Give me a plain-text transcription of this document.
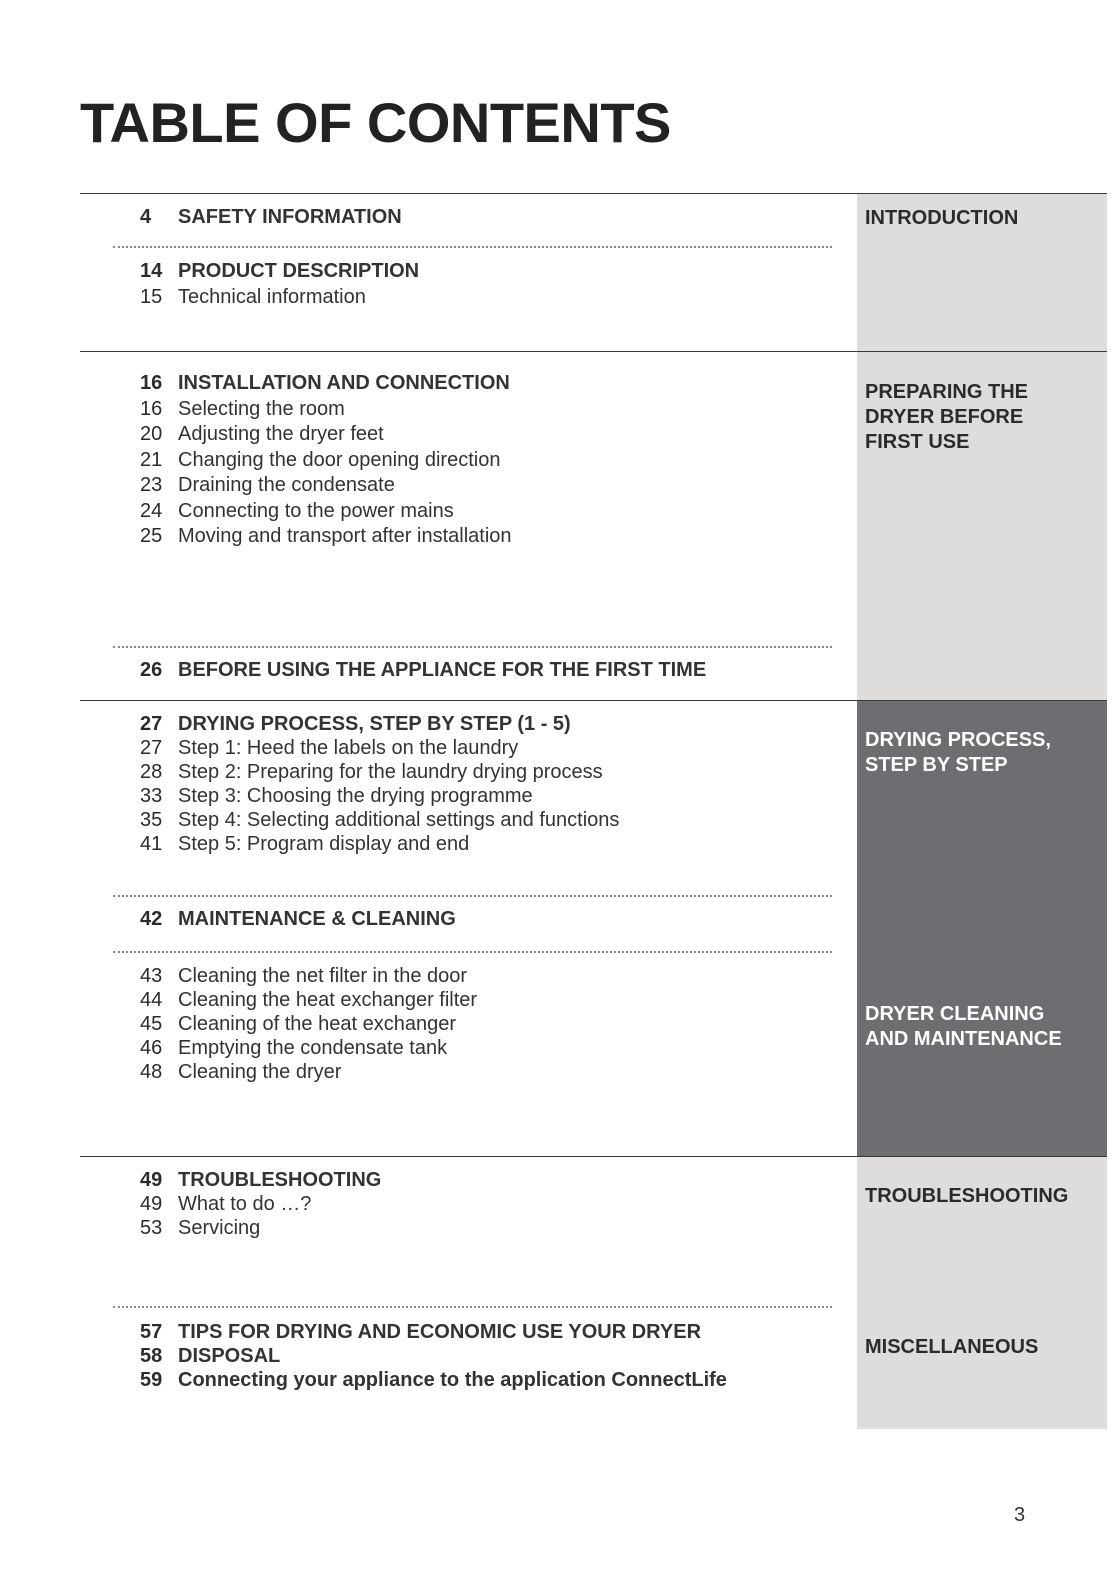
TABLE OF CONTENTS
INTRODUCTION
PREPARING THE
DRYER BEFORE
FIRST USE
DRYING PROCESS,
STEP BY STEP
DRYER CLEANING
AND MAINTENANCE
TROUBLESHOOTING
MISCELLANEOUS
4	SAFETY INFORMATION
14 PRODUCT DESCRIPTION
15 Technical information
16 INSTALLATION AND CONNECTION
16 Selecting the room
20 Adjusting the dryer feet
21 Changing the door opening direction
23 Draining the condensate
24 Connecting to the power mains
25 Moving and transport after installation
26 BEFORE USING THE APPLIANCE FOR THE FIRST TIME
27 DRYING PROCESS, STEP BY STEP (1 - 5)
27 Step 1: Heed the labels on the laundry
28 Step 2: Preparing for the laundry drying process
33 Step 3: Choosing the drying programme
35 Step 4: Selecting additional settings and functions
41 Step 5: Program display and end
42 MAINTENANCE & CLEANING
43 Cleaning the net filter in the door
44 Cleaning the heat exchanger filter
45 Cleaning of the heat exchanger
46 Emptying the condensate tank
48 Cleaning the dryer
49 TROUBLESHOOTING
49 What to do …?
53 Servicing
57 TIPS FOR DRYING AND ECONOMIC USE YOUR DRYER
58 DISPOSAL
59 Connecting your appliance to the application ConnectLife
3
